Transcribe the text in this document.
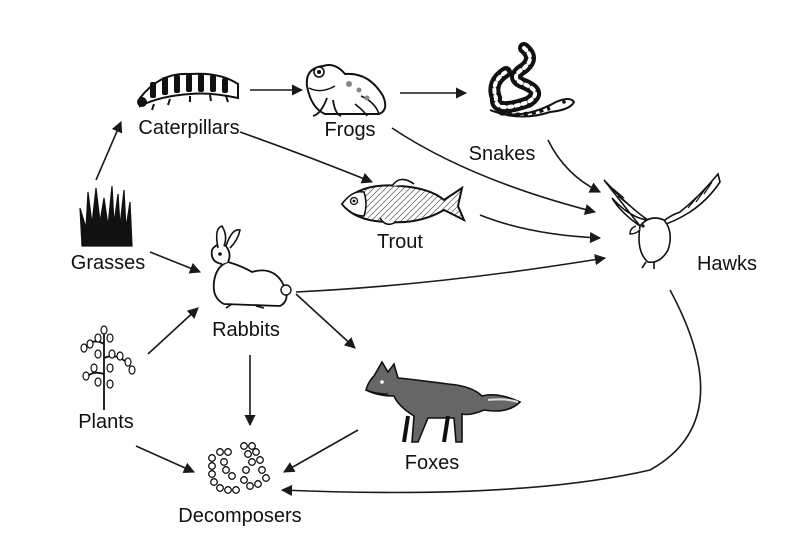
Caterpillars	Frogs
Snakes
Trout
Grasses
Rabbits
Hawks
Plants
Foxes
Decomposers
